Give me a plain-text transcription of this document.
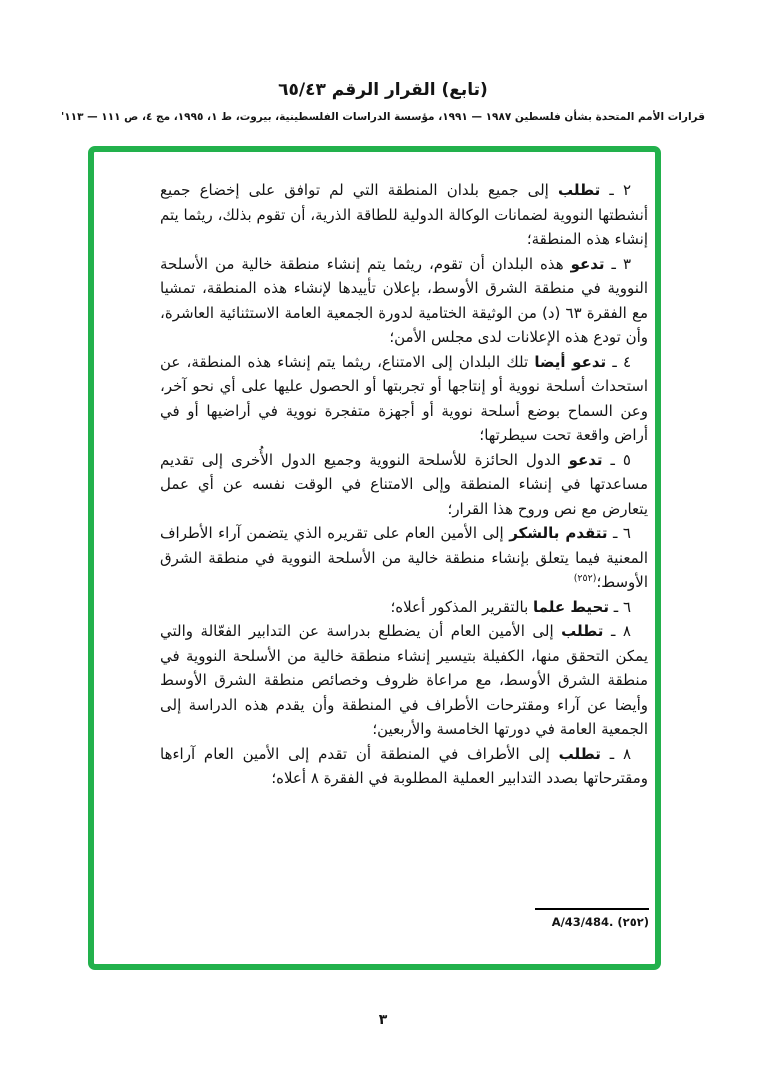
(تابع) القرار الرقم ٦٥/٤٣
قرارات الأمم المتحدة بشأن فلسطين ١٩٨٧ — ١٩٩١، مؤسسة الدراسات الفلسطينية، بيروت، ط ١، ١٩٩٥، مج ٤، ص ١١١ — ١١٣'

٢ ـ تطلب إلى جميع بلدان المنطقة التي لم توافق على إخضاع جميع أنشطتها النووية لضمانات الوكالة الدولية للطاقة الذرية، أن تقوم بذلك، ريثما يتم إنشاء هذه المنطقة؛

٣ ـ تدعو هذه البلدان أن تقوم، ريثما يتم إنشاء منطقة خالية من الأسلحة النووية في منطقة الشرق الأوسط، بإعلان تأييدها لإنشاء هذه المنطقة، تمشيا مع الفقرة ٦٣ (د) من الوثيقة الختامية لدورة الجمعية العامة الاستثنائية العاشرة، وأن تودع هذه الإعلانات لدى مجلس الأمن؛

٤ ـ تدعو أيضا تلك البلدان إلى الامتناع، ريثما يتم إنشاء هذه المنطقة، عن استحداث أسلحة نووية أو إنتاجها أو تجربتها أو الحصول عليها على أي نحو آخر، وعن السماح بوضع أسلحة نووية أو أجهزة متفجرة نووية في أراضيها أو في أراض واقعة تحت سيطرتها؛

٥ ـ تدعو الدول الحائزة للأسلحة النووية وجميع الدول الأُخرى إلى تقديم مساعدتها في إنشاء المنطقة وإلى الامتناع في الوقت نفسه عن أي عمل يتعارض مع نص وروح هذا القرار؛

٦ ـ تتقدم بالشكر إلى الأمين العام على تقريره الذي يتضمن آراء الأطراف المعنية فيما يتعلق بإنشاء منطقة خالية من الأسلحة النووية في منطقة الشرق الأوسط؛$^{(٢٥٢)}$

٦ ـ تحيط علما بالتقرير المذكور أعلاه؛

٨ ـ تطلب إلى الأمين العام أن يضطلع بدراسة عن التدابير الفعّالة والتي يمكن التحقق منها، الكفيلة بتيسير إنشاء منطقة خالية من الأسلحة النووية في منطقة الشرق الأوسط، مع مراعاة ظروف وخصائص منطقة الشرق الأوسط وأيضا عن آراء ومقترحات الأطراف في المنطقة وأن يقدم هذه الدراسة إلى الجمعية العامة في دورتها الخامسة والأربعين؛

٨ ـ تطلب إلى الأطراف في المنطقة أن تقدم إلى الأمين العام آراءها ومقترحاتها بصدد التدابير العملية المطلوبة في الفقرة ٨ أعلاه؛

A/43/484. (٢٥٢)
٣
